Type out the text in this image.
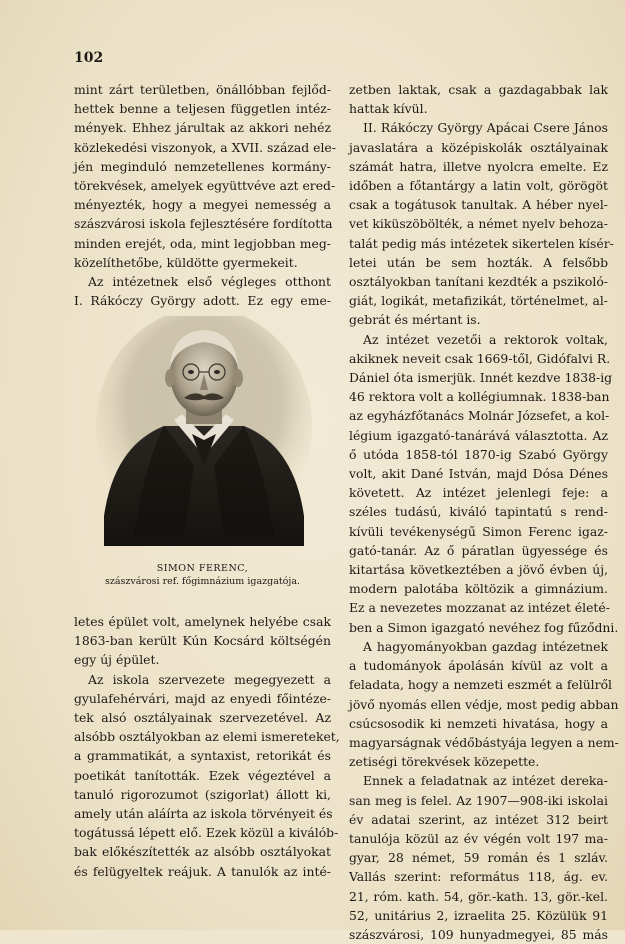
102
mint zárt területben, önállóbban fejlőd-
hettek benne a teljesen független intéz-
mények. Ehhez járultak az akkori nehéz
közlekedési viszonyok, a XVII. század ele-
jén meginduló nemzetellenes kormány-
törekvések, amelyek együttvéve azt ered-
ményezték, hogy a megyei nemesség a
szászvárosi iskola fejlesztésére fordította
minden erejét, oda, mint legjobban meg-
közelíthetőbe, küldötte gyermekeit.
Az intézetnek első végleges otthont
I. Rákóczy György adott. Ez egy eme-
SIMON FERENC,
szászvárosi ref. főgimnázium igazgatója.
letes épület volt, amelynek helyébe csak
1863-ban került Kún Kocsárd költségén
egy új épület.
Az iskola szervezete megegyezett a
gyulafehérvári, majd az enyedi főintéze-
tek alsó osztályainak szervezetével. Az
alsóbb osztályokban az elemi ismereteket,
a grammatikát, a syntaxist, retorikát és
poetikát tanították. Ezek végeztével a
tanuló rigorozumot (szigorlat) állott ki,
amely után aláírta az iskola törvényeit és
togátussá lépett elő. Ezek közül a kiválób-
bak előkészítették az alsóbb osztályokat
és felügyeltek reájuk. A tanulók az inté-
zetben laktak, csak a gazdagabbak lak
hattak kívül.
II. Rákóczy György Apácai Csere János
javaslatára a középiskolák osztályainak
számát hatra, illetve nyolcra emelte. Ez
időben a főtantárgy a latin volt, görögöt
csak a togátusok tanultak. A héber nyel-
vet kiküszöbölték, a német nyelv behoza-
talát pedig más intézetek sikertelen kísér-
letei után be sem hozták. A felsőbb
osztályokban tanítani kezdték a pszikoló-
giát, logikát, metafizikát, történelmet, al-
gebrát és mértant is.
Az intézet vezetői a rektorok voltak,
akiknek neveit csak 1669-től, Gidófalvi R.
Dániel óta ismerjük. Innét kezdve 1838-ig
46 rektora volt a kollégiumnak. 1838-ban
az egyházfőtanács Molnár Józsefet, a kol-
légium igazgató-tanárává választotta. Az
ő utóda 1858-tól 1870-ig Szabó György
volt, akit Dané István, majd Dósa Dénes
követett. Az intézet jelenlegi feje: a
széles tudású, kiváló tapintatú s rend-
kívüli tevékenységű Simon Ferenc igaz-
gató-tanár. Az ő páratlan ügyessége és
kitartása következtében a jövő évben új,
modern palotába költözik a gimnázium.
Ez a nevezetes mozzanat az intézet életé-
ben a Simon igazgató nevéhez fog fűződni.
A hagyományokban gazdag intézetnek
a tudományok ápolásán kívül az volt a
feladata, hogy a nemzeti eszmét a felülről
jövő nyomás ellen védje, most pedig abban
csúcsosodik ki nemzeti hivatása, hogy a
magyarságnak védőbástyája legyen a nem-
zetiségi törekvések közepette.
Ennek a feladatnak az intézet dereka-
san meg is felel. Az 1907—908-iki iskolai
év adatai szerint, az intézet 312 beirt
tanulója közül az év végén volt 197 ma-
gyar, 28 német, 59 román és 1 szláv.
Vallás szerint: református 118, ág. ev.
21, róm. kath. 54, gör.-kath. 13, gör.-kel.
52, unitárius 2, izraelita 25. Közülük 91
szászvárosi, 109 hunyadmegyei, 85 más
